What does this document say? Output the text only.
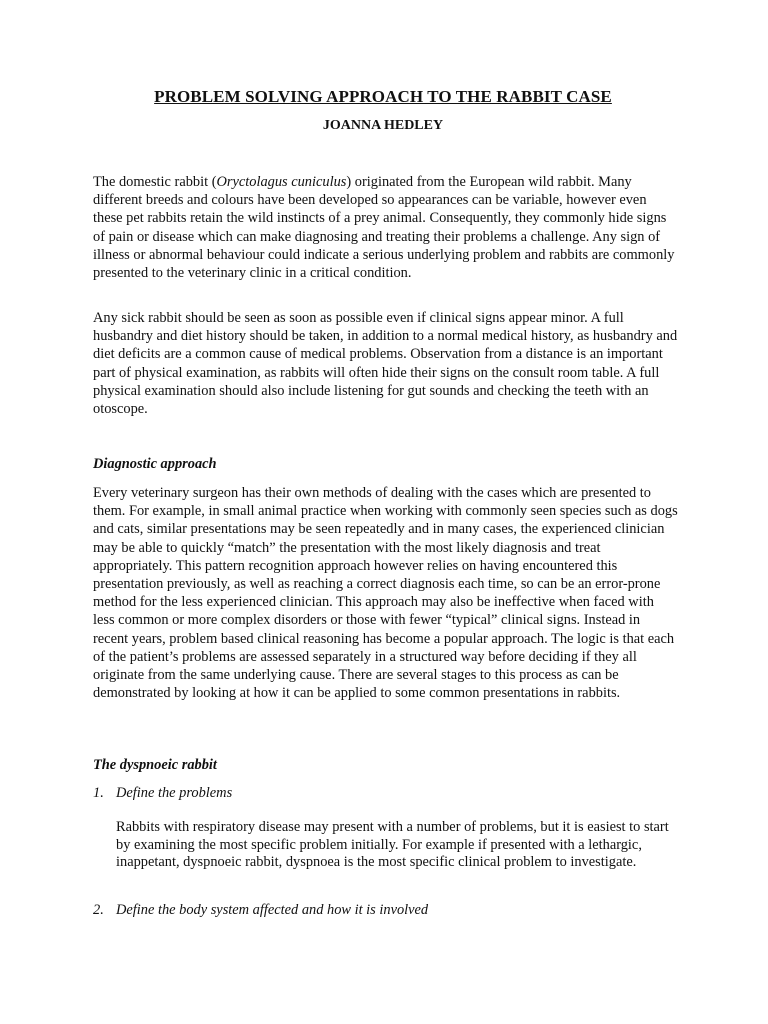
PROBLEM SOLVING APPROACH TO THE RABBIT CASE
JOANNA HEDLEY

The domestic rabbit (Oryctolagus cuniculus) originated from the European wild rabbit. Many different breeds and colours have been developed so appearances can be variable, however even these pet rabbits retain the wild instincts of a prey animal. Consequently, they commonly hide signs of pain or disease which can make diagnosing and treating their problems a challenge. Any sign of illness or abnormal behaviour could indicate a serious underlying problem and rabbits are commonly presented to the veterinary clinic in a critical condition.

Any sick rabbit should be seen as soon as possible even if clinical signs appear minor. A full husbandry and diet history should be taken, in addition to a normal medical history, as husbandry and diet deficits are a common cause of medical problems. Observation from a distance is an important part of physical examination, as rabbits will often hide their signs on the consult room table. A full physical examination should also include listening for gut sounds and checking the teeth with an otoscope.

Diagnostic approach

Every veterinary surgeon has their own methods of dealing with the cases which are presented to them. For example, in small animal practice when working with commonly seen species such as dogs and cats, similar presentations may be seen repeatedly and in many cases, the experienced clinician may be able to quickly “match” the presentation with the most likely diagnosis and treat appropriately. This pattern recognition approach however relies on having encountered this presentation previously, as well as reaching a correct diagnosis each time, so can be an error-prone method for the less experienced clinician. This approach may also be ineffective when faced with less common or more complex disorders or those with fewer “typical” clinical signs. Instead in recent years, problem based clinical reasoning has become a popular approach. The logic is that each of the patient’s problems are assessed separately in a structured way before deciding if they all originate from the same underlying cause. There are several stages to this process as can be demonstrated by looking at how it can be applied to some common presentations in rabbits.

The dyspnoeic rabbit

1. Define the problems

Rabbits with respiratory disease may present with a number of problems, but it is easiest to start by examining the most specific problem initially. For example if presented with a lethargic, inappetant, dyspnoeic rabbit, dyspnoea is the most specific clinical problem to investigate.

2. Define the body system affected and how it is involved
